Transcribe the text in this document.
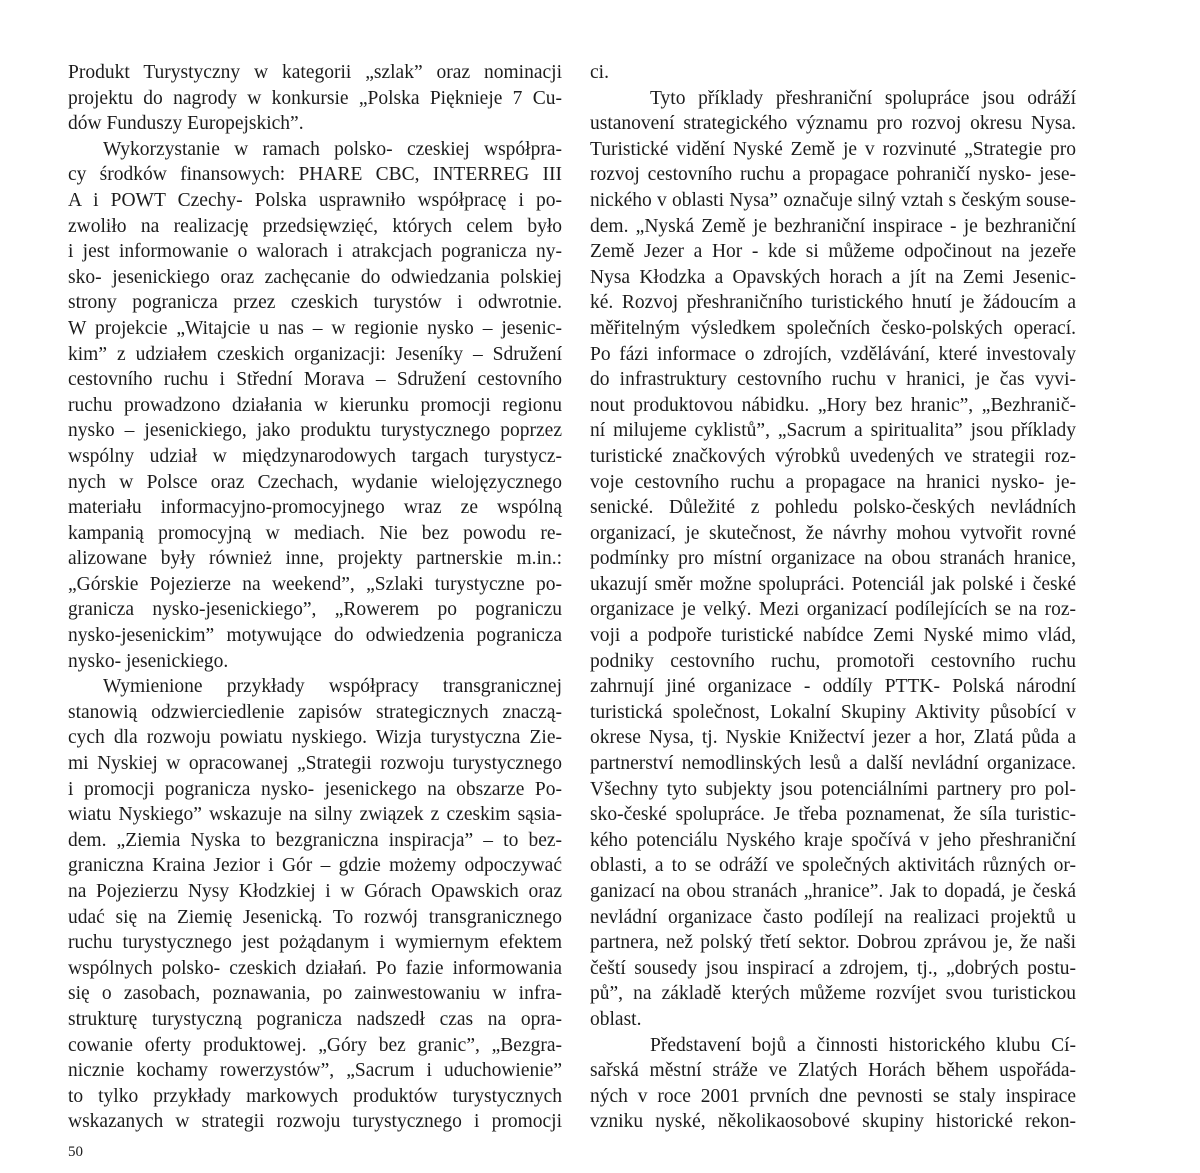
Produkt Turystyczny w kategorii „szlak” oraz nominacji
projektu do nagrody w konkursie „Polska Pięknieje 7 Cu-
dów Funduszy Europejskich”.
Wykorzystanie w ramach polsko- czeskiej współpra-
cy środków finansowych: PHARE CBC, INTERREG III
A i POWT Czechy- Polska usprawniło współpracę i po-
zwoliło na realizację przedsięwzięć, których celem było
i jest informowanie o walorach i atrakcjach pogranicza ny-
sko- jesenickiego oraz zachęcanie do odwiedzania polskiej
strony pogranicza przez czeskich turystów i odwrotnie.
W projekcie „Witajcie u nas – w regionie nysko – jesenic-
kim” z udziałem czeskich organizacji: Jeseníky – Sdružení
cestovního ruchu i Střední Morava – Sdružení cestovního
ruchu prowadzono działania w kierunku promocji regionu
nysko – jesenickiego, jako produktu turystycznego poprzez
wspólny udział w międzynarodowych targach turystycz-
nych w Polsce oraz Czechach, wydanie wielojęzycznego
materiału informacyjno-promocyjnego wraz ze wspólną
kampanią promocyjną w mediach. Nie bez powodu re-
alizowane były również inne, projekty partnerskie m.in.:
„Górskie Pojezierze na weekend”, „Szlaki turystyczne po-
granicza nysko-jesenickiego”, „Rowerem po pograniczu
nysko-jesenickim” motywujące do odwiedzenia pogranicza
nysko- jesenickiego.
Wymienione przykłady współpracy transgranicznej
stanowią odzwierciedlenie zapisów strategicznych znaczą-
cych dla rozwoju powiatu nyskiego. Wizja turystyczna Zie-
mi Nyskiej w opracowanej „Strategii rozwoju turystycznego
i promocji pogranicza nysko- jesenickego na obszarze Po-
wiatu Nyskiego” wskazuje na silny związek z czeskim sąsia-
dem. „Ziemia Nyska to bezgraniczna inspiracja” – to bez-
graniczna Kraina Jezior i Gór – gdzie możemy odpoczywać
na Pojezierzu Nysy Kłodzkiej i w Górach Opawskich oraz
udać się na Ziemię Jesenicką. To rozwój transgranicznego
ruchu turystycznego jest pożądanym i wymiernym efektem
wspólnych polsko- czeskich działań. Po fazie informowania
się o zasobach, poznawania, po zainwestowaniu w infra-
strukturę turystyczną pogranicza nadszedł czas na opra-
cowanie oferty produktowej. „Góry bez granic”, „Bezgra-
nicznie kochamy rowerzystów”, „Sacrum i uduchowienie”
to tylko przykłady markowych produktów turystycznych
wskazanych w strategii rozwoju turystycznego i promocji
ci.
Tyto příklady přeshraniční spolupráce jsou odráží
ustanovení strategického významu pro rozvoj okresu Nysa.
Turistické vidění Nyské Země je v rozvinuté „Strategie pro
rozvoj cestovního ruchu a propagace pohraničí nysko- jese-
nického v oblasti Nysa” označuje silný vztah s českým souse-
dem. „Nyská Země je bezhraniční inspirace - je bezhraniční
Země Jezer a Hor - kde si můžeme odpočinout na jezeře
Nysa Kłodzka a Opavských horach a jít na Zemi Jesenic-
ké. Rozvoj přeshraničního turistického hnutí je žádoucím a
měřitelným výsledkem společních česko-polských operací.
Po fázi informace o zdrojích, vzdělávání, které investovaly
do infrastruktury cestovního ruchu v hranici, je čas vyvi-
nout produktovou nábidku. „Hory bez hranic”, „Bezhranič-
ní milujeme cyklistů”, „Sacrum a spiritualita” jsou příklady
turistické značkových výrobků uvedených ve strategii roz-
voje cestovního ruchu a propagace na hranici nysko- je-
senické. Důležité z pohledu polsko-českých nevládních
organizací, je skutečnost, že návrhy mohou vytvořit rovné
podmínky pro místní organizace na obou stranách hranice,
ukazují směr možne spolupráci. Potenciál jak polské i české
organizace je velký. Mezi organizací podílejících se na roz-
voji a podpoře turistické nabídce Zemi Nyské mimo vlád,
podniky cestovního ruchu, promotoři cestovního ruchu
zahrnují jiné organizace - oddíly PTTK- Polská národní
turistická společnost, Lokalní Skupiny Aktivity působící v
okrese Nysa, tj. Nyskie Knižectví jezer a hor, Zlatá půda a
partnerství nemodlinských lesů a další nevládní organizace.
Všechny tyto subjekty jsou potenciálními partnery pro pol-
sko-české spolupráce. Je třeba poznamenat, že síla turistic-
kého potenciálu Nyského kraje spočívá v jeho přeshraniční
oblasti, a to se odráží ve společných aktivitách různých or-
ganizací na obou stranách „hranice”. Jak to dopadá, je česká
nevládní organizace často podílejí na realizaci projektů u
partnera, než polský třetí sektor. Dobrou zprávou je, že naši
čeští sousedy jsou inspirací a zdrojem, tj., „dobrých postu-
pů”, na základě kterých můžeme rozvíjet svou turistickou
oblast.
Představení bojů a činnosti historického klubu Cí-
sařská městní stráže ve Zlatých Horách během uspořáda-
ných v roce 2001 prvních dne pevnosti se staly inspirace
vzniku nyské, několikaosobové skupiny historické rekon-
50
